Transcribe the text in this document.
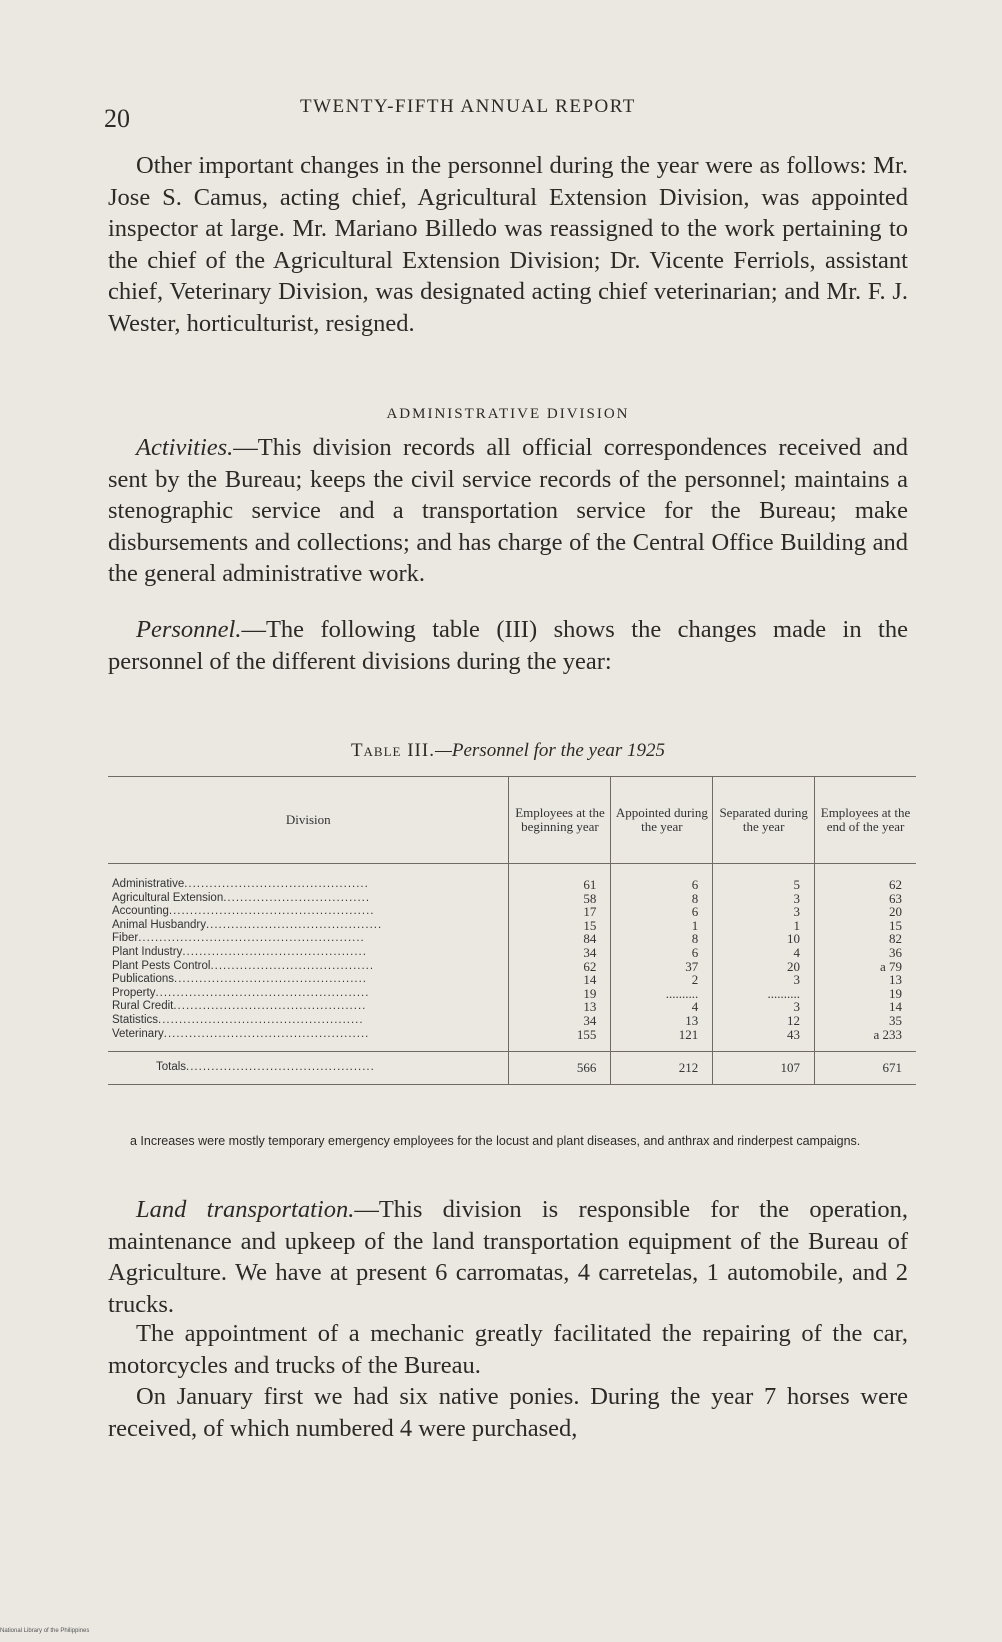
20	TWENTY-FIFTH ANNUAL REPORT

Other important changes in the personnel during the year were as follows: Mr. Jose S. Camus, acting chief, Agricultural Extension Division, was appointed inspector at large. Mr. Mariano Billedo was reassigned to the work pertaining to the chief of the Agricultural Extension Division; Dr. Vicente Ferriols, assistant chief, Veterinary Division, was designated acting chief veterinarian; and Mr. F. J. Wester, horticulturist, resigned.

ADMINISTRATIVE DIVISION

Activities.—This division records all official correspondences received and sent by the Bureau; keeps the civil service records of the personnel; maintains a stenographic service and a transportation service for the Bureau; make disbursements and collections; and has charge of the Central Office Building and the general administrative work.

Personnel.—The following table (III) shows the changes made in the personnel of the different divisions during the year:

Table III.—Personnel for the year 1925

Division	Employees at the beginning year	Appointed during the year	Separated during the year	Employees at the end of the year
Administrative............................................	61	6	5	62
Agricultural Extension...................................	58	8	3	63
Accounting.................................................	17	6	3	20
Animal Husbandry..........................................	15	1	1	15
Fiber......................................................	84	8	10	82
Plant Industry............................................	34	6	4	36
Plant Pests Control.......................................	62	37	20	a 79
Publications..............................................	14	2	3	13
Property...................................................	19	..........	..........	19
Rural Credit..............................................	13	4	3	14
Statistics.................................................	34	13	12	35
Veterinary.................................................	155	121	43	a 233
Totals.............................................	566	212	107	671

a Increases were mostly temporary emergency employees for the locust and plant diseases, and anthrax and rinderpest campaigns.

Land transportation.—This division is responsible for the operation, maintenance and upkeep of the land transportation equipment of the Bureau of Agriculture. We have at present 6 carromatas, 4 carretelas, 1 automobile, and 2 trucks.

The appointment of a mechanic greatly facilitated the repairing of the car, motorcycles and trucks of the Bureau.

On January first we had six native ponies. During the year 7 horses were received, of which numbered 4 were purchased,

National Library of the Philippines
